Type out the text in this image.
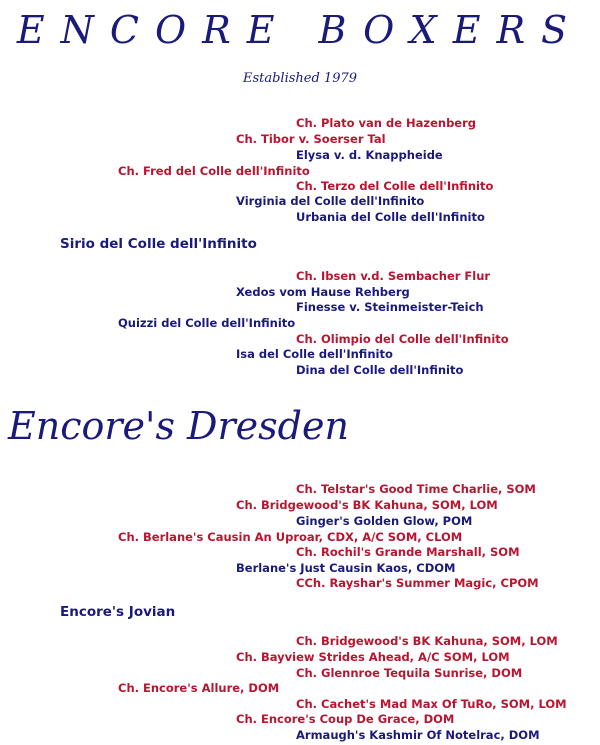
ENCORE BOXERS
Established 1979
Ch. Plato van de Hazenberg
Ch. Tibor v. Soerser Tal
Elysa v. d. Knappheide
Ch. Fred del Colle dell'Infinito
Ch. Terzo del Colle dell'Infinito
Virginia del Colle dell'Infinito
Urbania del Colle dell'Infinito
Sirio del Colle dell'Infinito
Ch. Ibsen v.d. Sembacher Flur
Xedos vom Hause Rehberg
Finesse v. Steinmeister-Teich
Quizzi del Colle dell'Infinito
Ch. Olimpio del Colle dell'Infinito
Isa del Colle dell'Infinito
Dina del Colle dell'Infinito
Encore's Dresden
Ch. Telstar's Good Time Charlie, SOM
Ch. Bridgewood's BK Kahuna, SOM, LOM
Ginger's Golden Glow, POM
Ch. Berlane's Causin An Uproar, CDX, A/C SOM, CLOM
Ch. Rochil's Grande Marshall, SOM
Berlane's Just Causin Kaos, CDOM
CCh. Rayshar's Summer Magic, CPOM
Encore's Jovian
Ch. Bridgewood's BK Kahuna, SOM, LOM
Ch. Bayview Strides Ahead, A/C SOM, LOM
Ch. Glennroe Tequila Sunrise, DOM
Ch. Encore's Allure, DOM
Ch. Cachet's Mad Max Of TuRo, SOM, LOM
Ch. Encore's Coup De Grace, DOM
Armaugh's Kashmir Of Notelrac, DOM
